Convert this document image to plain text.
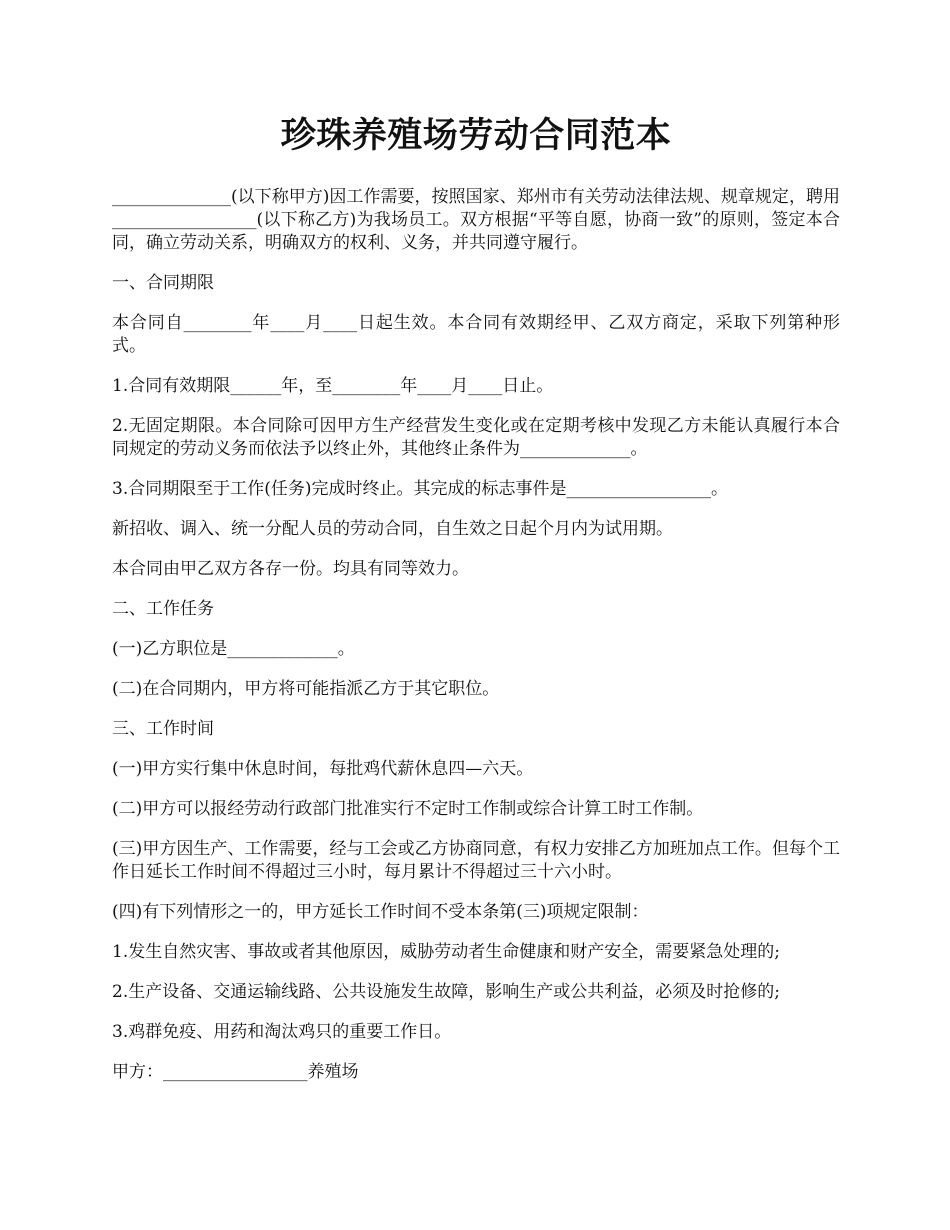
珍珠养殖场劳动合同范本

______________(以下称甲方)因工作需要，按照国家、郑州市有关劳动法律法规、规章规定，聘用_________________(以下称乙方)为我场员工。双方根据“平等自愿，协商一致”的原则，签定本合同，确立劳动关系，明确双方的权利、义务，并共同遵守履行。

一、合同期限

本合同自________年____月____日起生效。本合同有效期经甲、乙双方商定，采取下列第种形式。

1.合同有效期限______年，至________年____月____日止。

2.无固定期限。本合同除可因甲方生产经营发生变化或在定期考核中发现乙方未能认真履行本合同规定的劳动义务而依法予以终止外，其他终止条件为_____________。

3.合同期限至于工作(任务)完成时终止。其完成的标志事件是_________________。

新招收、调入、统一分配人员的劳动合同，自生效之日起个月内为试用期。

本合同由甲乙双方各存一份。均具有同等效力。

二、工作任务

(一)乙方职位是_____________。

(二)在合同期内，甲方将可能指派乙方于其它职位。

三、工作时间

(一)甲方实行集中休息时间，每批鸡代薪休息四—六天。

(二)甲方可以报经劳动行政部门批准实行不定时工作制或综合计算工时工作制。

(三)甲方因生产、工作需要，经与工会或乙方协商同意，有权力安排乙方加班加点工作。但每个工作日延长工作时间不得超过三小时，每月累计不得超过三十六小时。

(四)有下列情形之一的，甲方延长工作时间不受本条第(三)项规定限制：

1.发生自然灾害、事故或者其他原因，威胁劳动者生命健康和财产安全，需要紧急处理的;

2.生产设备、交通运输线路、公共设施发生故障，影响生产或公共利益，必须及时抢修的;

3.鸡群免疫、用药和淘汰鸡只的重要工作日。

甲方：_________________养殖场
